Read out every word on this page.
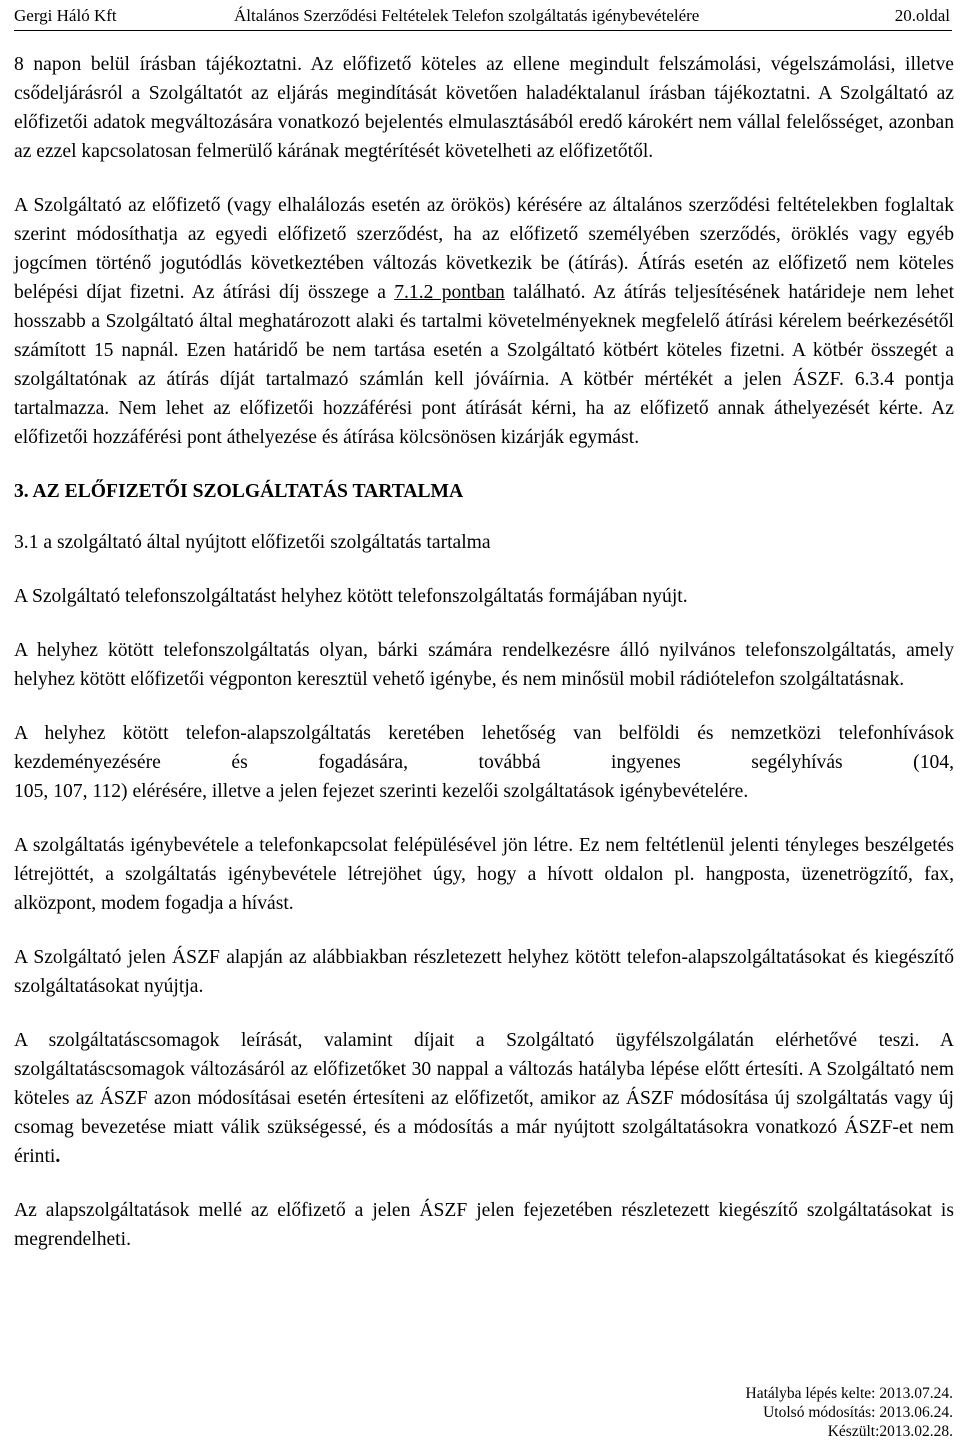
Gergi Háló Kft	Általános Szerződési Feltételek Telefon szolgáltatás igénybevételére	20.oldal

8 napon belül írásban tájékoztatni. Az előfizető köteles az ellene megindult felszámolási, végelszámolási, illetve csődeljárásról a Szolgáltatót az eljárás megindítását követően haladéktalanul írásban tájékoztatni. A Szolgáltató az előfizetői adatok megváltozására vonatkozó bejelentés elmulasztásából eredő károkért nem vállal felelősséget, azonban az ezzel kapcsolatosan felmerülő kárának megtérítését követelheti az előfizetőtől.

A Szolgáltató az előfizető (vagy elhalálozás esetén az örökös) kérésére az általános szerződési feltételekben foglaltak szerint módosíthatja az egyedi előfizető szerződést, ha az előfizető személyében szerződés, öröklés vagy egyéb jogcímen történő jogutódlás következtében változás következik be (átírás). Átírás esetén az előfizető nem köteles belépési díjat fizetni. Az átírási díj összege a 7.1.2 pontban található. Az átírás teljesítésének határideje nem lehet hosszabb a Szolgáltató által meghatározott alaki és tartalmi követelményeknek megfelelő átírási kérelem beérkezésétől számított 15 napnál. Ezen határidő be nem tartása esetén a Szolgáltató kötbért köteles fizetni. A kötbér összegét a szolgáltatónak az átírás díját tartalmazó számlán kell jóváírnia. A kötbér mértékét a jelen ÁSZF. 6.3.4 pontja tartalmazza. Nem lehet az előfizetői hozzáférési pont átírását kérni, ha az előfizető annak áthelyezését kérte. Az előfizetői hozzáférési pont áthelyezése és átírása kölcsönösen kizárják egymást.

3. AZ ELŐFIZETŐI SZOLGÁLTATÁS TARTALMA
3.1 a szolgáltató által nyújtott előfizetői szolgáltatás tartalma

A Szolgáltató telefonszolgáltatást helyhez kötött telefonszolgáltatás formájában nyújt.

A helyhez kötött telefonszolgáltatás olyan, bárki számára rendelkezésre álló nyilvános telefonszolgáltatás, amely helyhez kötött előfizetői végponton keresztül vehető igénybe, és nem minősül mobil rádiótelefon szolgáltatásnak.

A helyhez kötött telefon-alapszolgáltatás keretében lehetőség van belföldi és nemzetközi telefonhívások kezdeményezésére és fogadására, továbbá ingyenes segélyhívás (104,
105, 107, 112) elérésére, illetve a jelen fejezet szerinti kezelői szolgáltatások igénybevételére.

A szolgáltatás igénybevétele a telefonkapcsolat felépülésével jön létre. Ez nem feltétlenül jelenti tényleges beszélgetés létrejöttét, a szolgáltatás igénybevétele létrejöhet úgy, hogy a hívott oldalon pl. hangposta, üzenetrögzítő, fax, alközpont, modem fogadja a hívást.

A Szolgáltató jelen ÁSZF alapján az alábbiakban részletezett helyhez kötött telefon-alapszolgáltatásokat és kiegészítő szolgáltatásokat nyújtja.

A szolgáltatáscsomagok leírását, valamint díjait a Szolgáltató ügyfélszolgálatán elérhetővé teszi. A szolgáltatáscsomagok változásáról az előfizetőket 30 nappal a változás hatályba lépése előtt értesíti. A Szolgáltató nem köteles az ÁSZF azon módosításai esetén értesíteni az előfizetőt, amikor az ÁSZF módosítása új szolgáltatás vagy új csomag bevezetése miatt válik szükségessé, és a módosítás a már nyújtott szolgáltatásokra vonatkozó ÁSZF-et nem érinti.

Az alapszolgáltatások mellé az előfizető a jelen ÁSZF jelen fejezetében részletezett kiegészítő szolgáltatásokat is megrendelheti.

Hatályba lépés kelte: 2013.07.24.
Utolsó módosítás: 2013.06.24.
Készült:2013.02.28.
